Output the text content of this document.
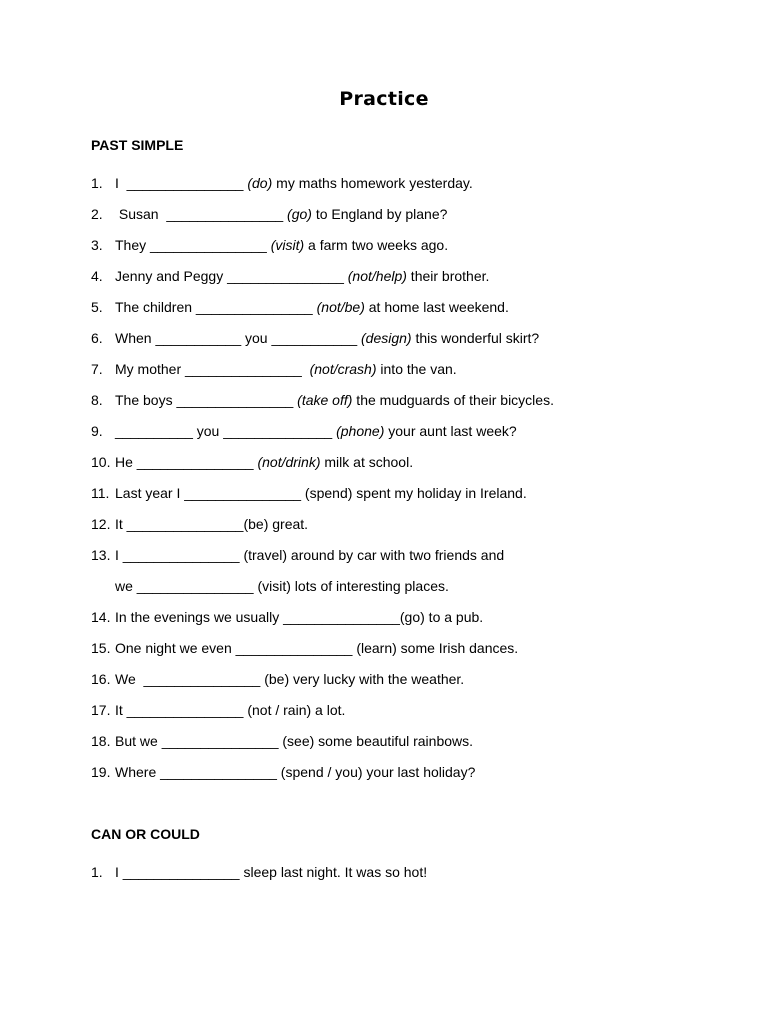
Practice
PAST SIMPLE
1. I  _______________ (do) my maths homework yesterday.
2. Susan  _______________ (go) to England by plane?
3. They _______________ (visit) a farm two weeks ago.
4. Jenny and Peggy _______________ (not/help) their brother.
5. The children _______________ (not/be) at home last weekend.
6. When ___________ you ___________ (design) this wonderful skirt?
7. My mother _______________  (not/crash) into the van.
8. The boys _______________ (take off) the mudguards of their bicycles.
9. __________ you ______________ (phone) your aunt last week?
10. He _______________ (not/drink) milk at school.
11. Last year I _______________ (spend) spent my holiday in Ireland.
12. It _______________(be) great.
13. I _______________ (travel) around by car with two friends and
we _______________ (visit) lots of interesting places.
14. In the evenings we usually _______________(go) to a pub.
15. One night we even _______________ (learn) some Irish dances.
16. We  _______________ (be) very lucky with the weather.
17. It _______________ (not / rain) a lot.
18. But we _______________ (see) some beautiful rainbows.
19. Where _______________ (spend / you) your last holiday?
CAN OR COULD
1. I _______________ sleep last night. It was so hot!
